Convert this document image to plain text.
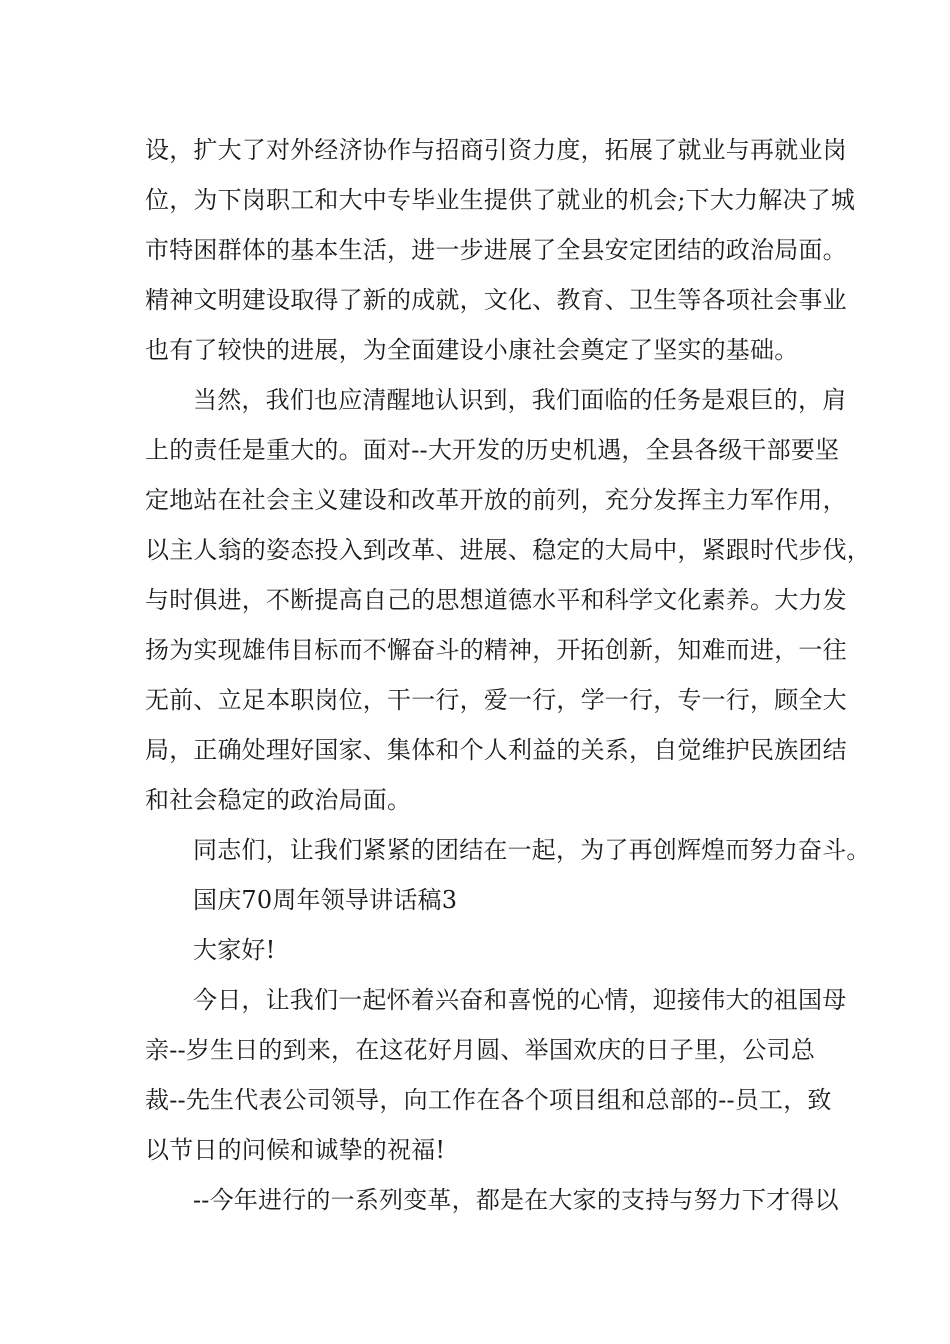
设，扩大了对外经济协作与招商引资力度，拓展了就业与再就业岗
位，为下岗职工和大中专毕业生提供了就业的机会;下大力解决了城
市特困群体的基本生活，进一步进展了全县安定团结的政治局面。
精神文明建设取得了新的成就，文化、教育、卫生等各项社会事业
也有了较快的进展，为全面建设小康社会奠定了坚实的基础。
当然，我们也应清醒地认识到，我们面临的任务是艰巨的，肩
上的责任是重大的。面对--大开发的历史机遇，全县各级干部要坚
定地站在社会主义建设和改革开放的前列，充分发挥主力军作用，
以主人翁的姿态投入到改革、进展、稳定的大局中，紧跟时代步伐，
与时俱进，不断提高自己的思想道德水平和科学文化素养。大力发
扬为实现雄伟目标而不懈奋斗的精神，开拓创新，知难而进，一往
无前、立足本职岗位，干一行，爱一行，学一行，专一行，顾全大
局，正确处理好国家、集体和个人利益的关系，自觉维护民族团结
和社会稳定的政治局面。
同志们，让我们紧紧的团结在一起，为了再创辉煌而努力奋斗。
国庆70周年领导讲话稿3
大家好!
今日，让我们一起怀着兴奋和喜悦的心情，迎接伟大的祖国母
亲--岁生日的到来，在这花好月圆、举国欢庆的日子里，公司总
裁--先生代表公司领导，向工作在各个项目组和总部的--员工，致
以节日的问候和诚挚的祝福!
--今年进行的一系列变革，都是在大家的支持与努力下才得以
